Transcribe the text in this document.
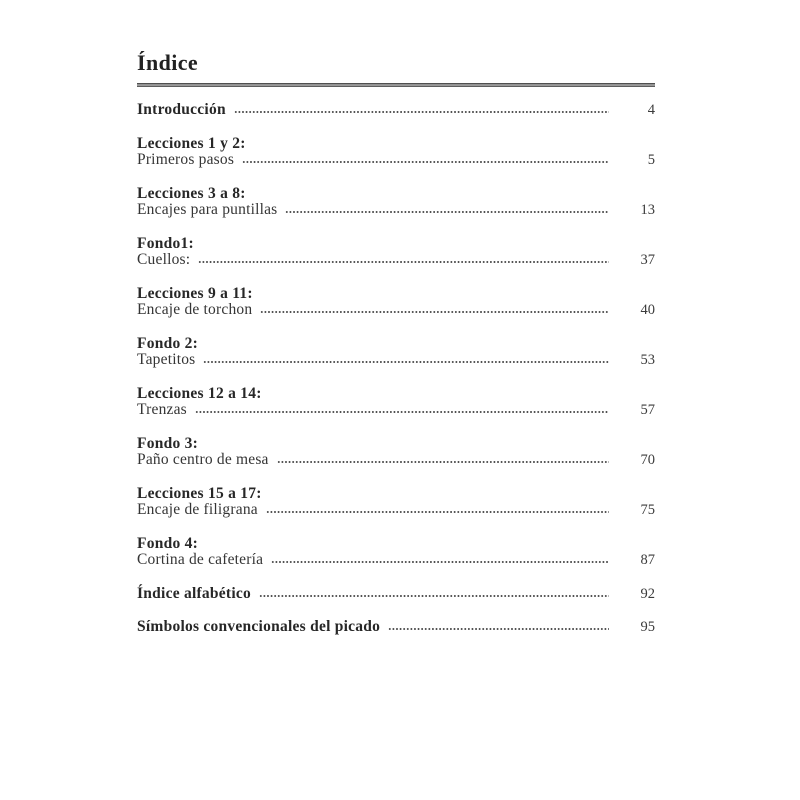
Índice
Introducción	4
Lecciones 1 y 2:
Primeros pasos	5
Lecciones 3 a 8:
Encajes para puntillas	13
Fondo1:
Cuellos:	37
Lecciones 9 a 11:
Encaje de torchon	40
Fondo 2:
Tapetitos	53
Lecciones 12 a 14:
Trenzas	57
Fondo 3:
Paño centro de mesa	70
Lecciones 15 a 17:
Encaje de filigrana	75
Fondo 4:
Cortina de cafetería	87
Índice alfabético	92
Símbolos convencionales del picado	95
